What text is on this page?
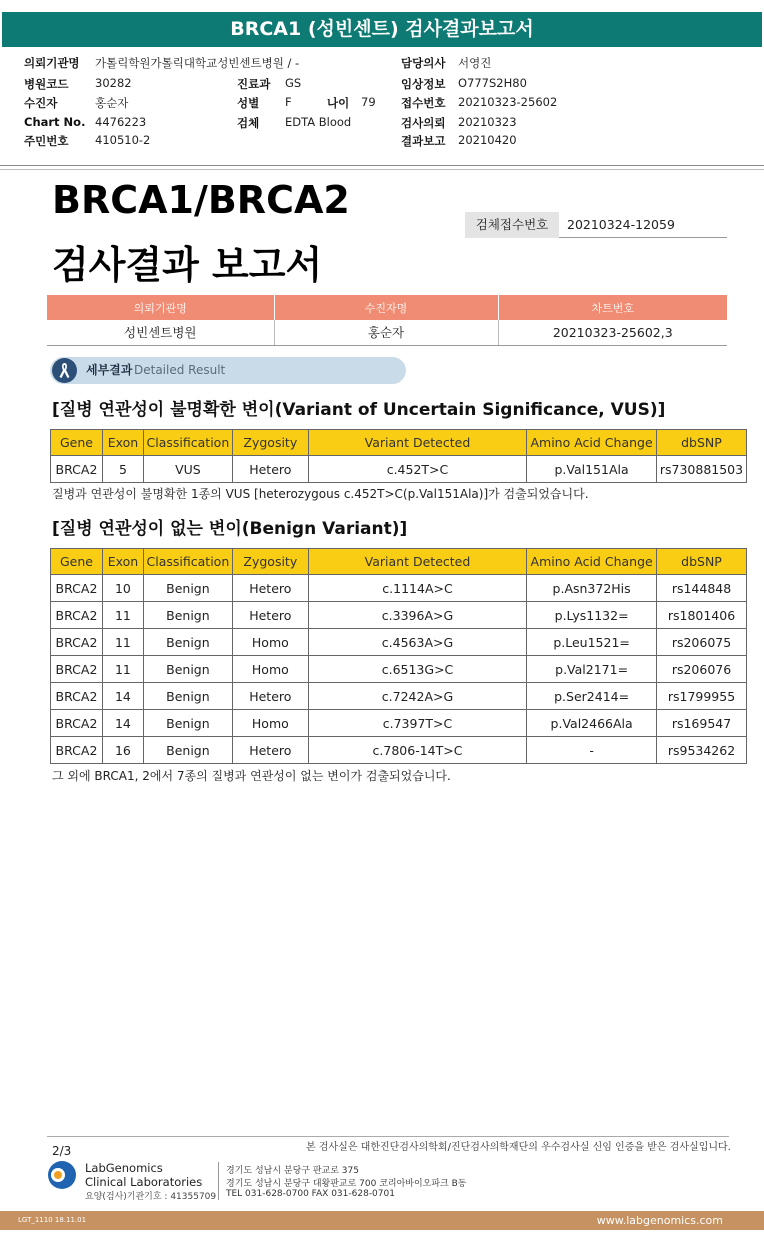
BRCA1 (성빈센트) 검사결과보고서
의뢰기관명 가톨릭학원가톨릭대학교성빈센트병원 / -
병원코드 30282	진료과 GS
수진자	홍순자	성별 F	나이 79
Chart No. 4476223	검체 EDTA Blood
주민번호 410510-2
담당의사 서영진
임상정보 O777S2H80
접수번호 20210323-25602
검사의뢰 20210323
결과보고 20210420
BRCA1/BRCA2
검사결과 보고서
검체접수번호	20210324-12059
의뢰기관명	수진자명	차트번호
성빈센트병원	홍순자	20210323-25602,3
세부결과 Detailed Result
[질병 연관성이 불명확한 변이(Variant of Uncertain Significance, VUS)]
Gene	Exon	Classification	Zygosity	Variant Detected	Amino Acid Change	dbSNP
BRCA2	5	VUS	Hetero	c.452T>C	p.Val151Ala	rs730881503
질병과 연관성이 불명확한 1종의 VUS [heterozygous c.452T>C(p.Val151Ala)]가 검출되었습니다.
[질병 연관성이 없는 변이(Benign Variant)]
Gene	Exon	Classification	Zygosity	Variant Detected	Amino Acid Change	dbSNP
BRCA2	10	Benign	Hetero	c.1114A>C	p.Asn372His	rs144848
BRCA2	11	Benign	Hetero	c.3396A>G	p.Lys1132=	rs1801406
BRCA2	11	Benign	Homo	c.4563A>G	p.Leu1521=	rs206075
BRCA2	11	Benign	Homo	c.6513G>C	p.Val2171=	rs206076
BRCA2	14	Benign	Hetero	c.7242A>G	p.Ser2414=	rs1799955
BRCA2	14	Benign	Homo	c.7397T>C	p.Val2466Ala	rs169547
BRCA2	16	Benign	Hetero	c.7806-14T>C	-	rs9534262
그 외에 BRCA1, 2에서 7종의 질병과 연관성이 없는 변이가 검출되었습니다.
본 검사실은 대한진단검사의학회/진단검사의학재단의 우수검사실 신임 인증을 받은 검사실입니다.
2/3
LabGenomics
Clinical Laboratories
요양(검사)기관기호 : 41355709
경기도 성남시 분당구 판교로 375
경기도 성남시 분당구 대왕판교로 700 코리아바이오파크 B동
TEL 031-628-0700 FAX 031-628-0701
LGT_1110 18.11.01	www.labgenomics.com
